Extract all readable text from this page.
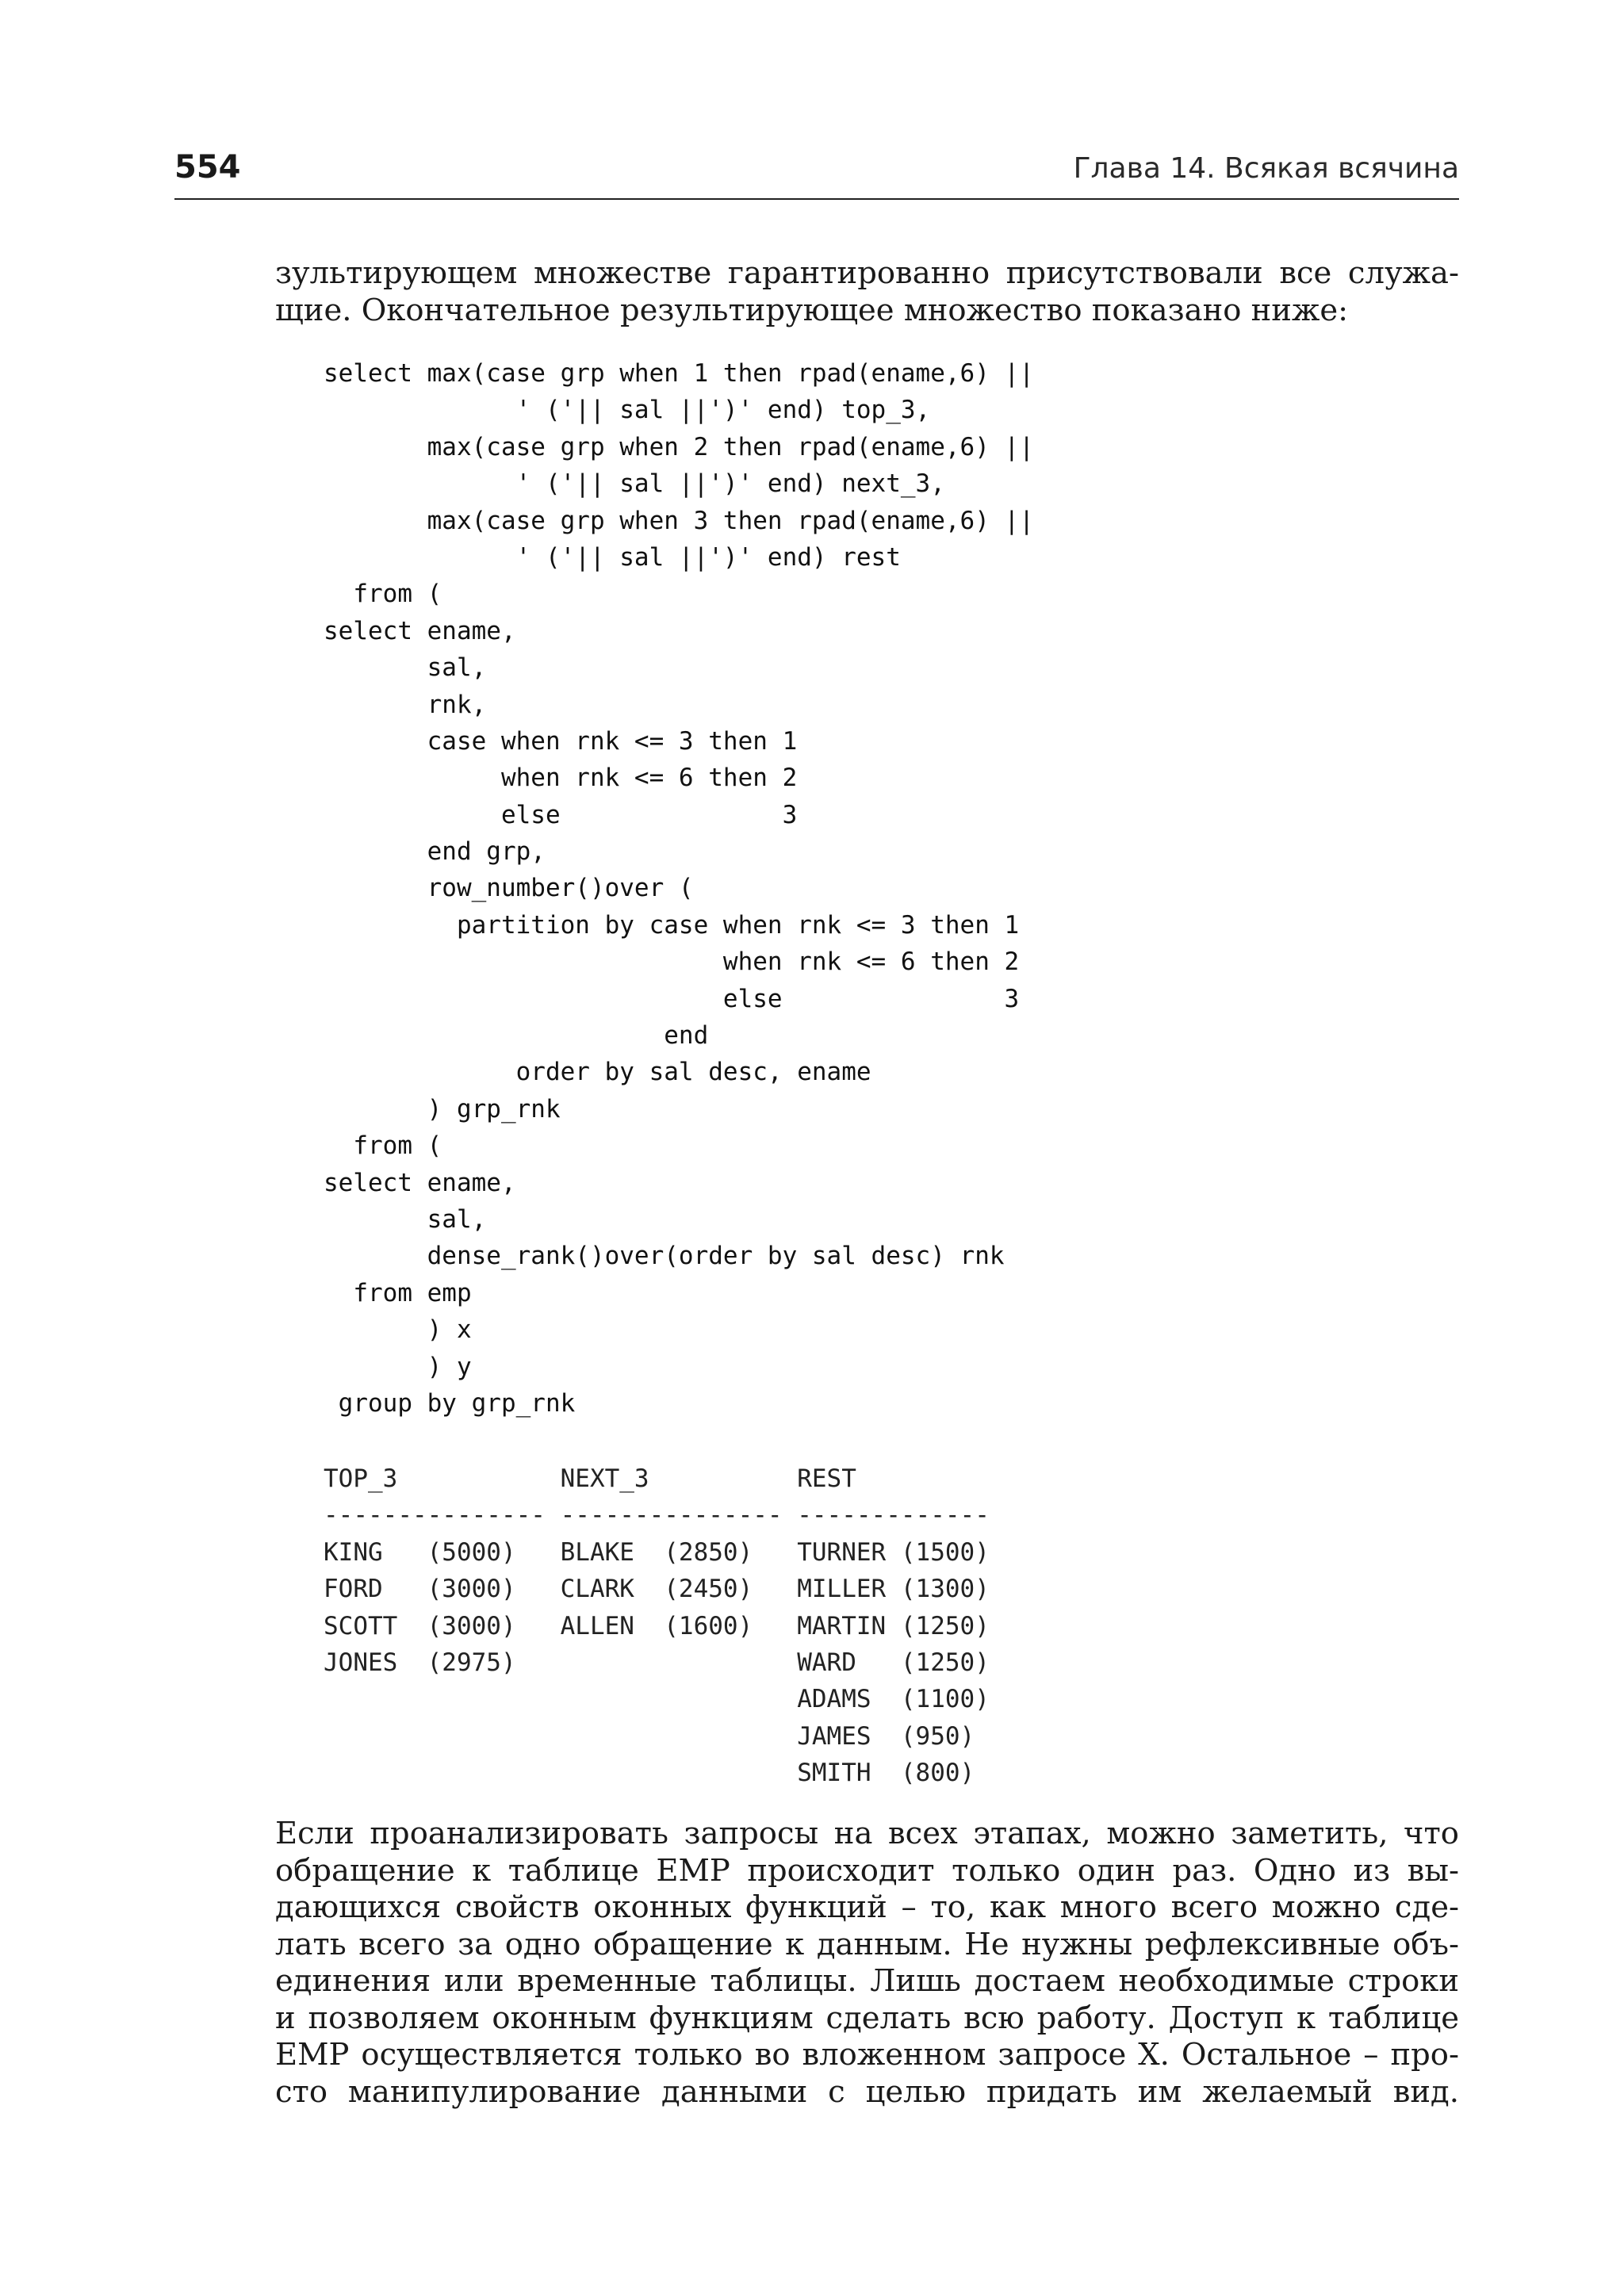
554	Глава 14. Всякая всячина

зультирующем множестве гарантированно присутствовали все служа-
щие. Окончательное результирующее множество показано ниже:

select max(case grp when 1 then rpad(ename,6) ||
' ('|| sal ||')' end) top_3,
max(case grp when 2 then rpad(ename,6) ||
' ('|| sal ||')' end) next_3,
max(case grp when 3 then rpad(ename,6) ||
' ('|| sal ||')' end) rest
from (
select ename,
sal,
rnk,
case when rnk <= 3 then 1
when rnk <= 6 then 2
else               3
end grp,
row_number()over (
partition by case when rnk <= 3 then 1
when rnk <= 6 then 2
else               3
end
order by sal desc, ename
) grp_rnk
from (
select ename,
sal,
dense_rank()over(order by sal desc) rnk
from emp
) x
) y
group by grp_rnk
TOP_3           NEXT_3          REST
--------------- --------------- -------------
KING   (5000)   BLAKE  (2850)   TURNER (1500)
FORD   (3000)   CLARK  (2450)   MILLER (1300)
SCOTT  (3000)   ALLEN  (1600)   MARTIN (1250)
JONES  (2975)                   WARD   (1250)
ADAMS  (1100)
JAMES  (950)
SMITH  (800)

Если проанализировать запросы на всех этапах, можно заметить, что
обращение к таблице EMP происходит только один раз. Одно из вы-
дающихся свойств оконных функций – то, как много всего можно сде-
лать всего за одно обращение к данным. Не нужны рефлексивные объ-
единения или временные таблицы. Лишь достаем необходимые строки
и позволяем оконным функциям сделать всю работу. Доступ к таблице
EMP осуществляется только во вложенном запросе X. Остальное – про-
сто манипулирование данными с целью придать им желаемый вид.
